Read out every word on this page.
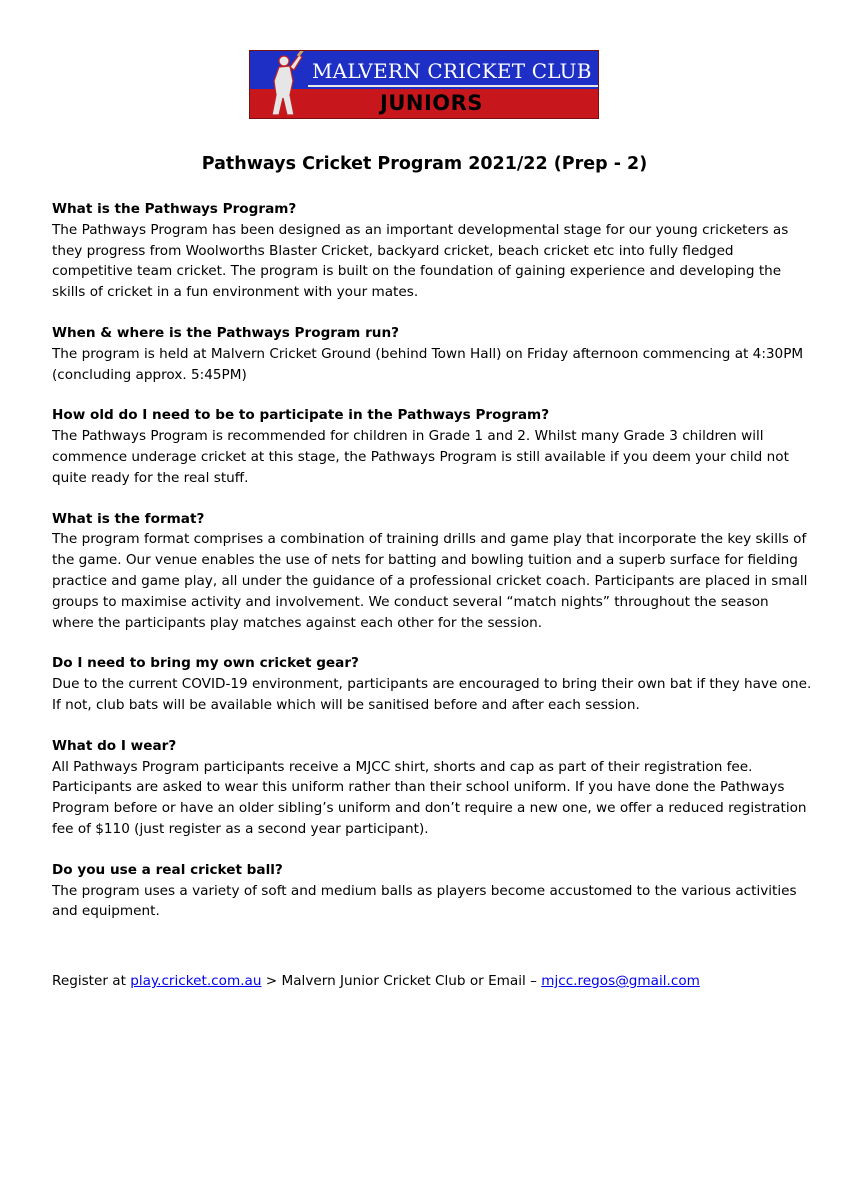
MALVERN CRICKET CLUB
JUNIORS
Pathways Cricket Program 2021/22 (Prep - 2)

What is the Pathways Program?

The Pathways Program has been designed as an important developmental stage for our young cricketers as they progress from Woolworths Blaster Cricket, backyard cricket, beach cricket etc into fully fledged competitive team cricket. The program is built on the foundation of gaining experience and developing the skills of cricket in a fun environment with your mates.

When & where is the Pathways Program run?

The program is held at Malvern Cricket Ground (behind Town Hall) on Friday afternoon commencing at 4:30PM (concluding approx. 5:45PM)

How old do I need to be to participate in the Pathways Program?

The Pathways Program is recommended for children in Grade 1 and 2. Whilst many Grade 3 children will commence underage cricket at this stage, the Pathways Program is still available if you deem your child not quite ready for the real stuff.

What is the format?

The program format comprises a combination of training drills and game play that incorporate the key skills of the game. Our venue enables the use of nets for batting and bowling tuition and a superb surface for fielding practice and game play, all under the guidance of a professional cricket coach. Participants are placed in small groups to maximise activity and involvement. We conduct several “match nights” throughout the season where the participants play matches against each other for the session.

Do I need to bring my own cricket gear?

Due to the current COVID-19 environment, participants are encouraged to bring their own bat if they have one. If not, club bats will be available which will be sanitised before and after each session.

What do I wear?

All Pathways Program participants receive a MJCC shirt, shorts and cap as part of their registration fee. Participants are asked to wear this uniform rather than their school uniform. If you have done the Pathways Program before or have an older sibling’s uniform and don’t require a new one, we offer a reduced registration fee of $110 (just register as a second year participant).

Do you use a real cricket ball?

The program uses a variety of soft and medium balls as players become accustomed to the various activities and equipment.

Register at play.cricket.com.au > Malvern Junior Cricket Club or Email – mjcc.regos@gmail.com
